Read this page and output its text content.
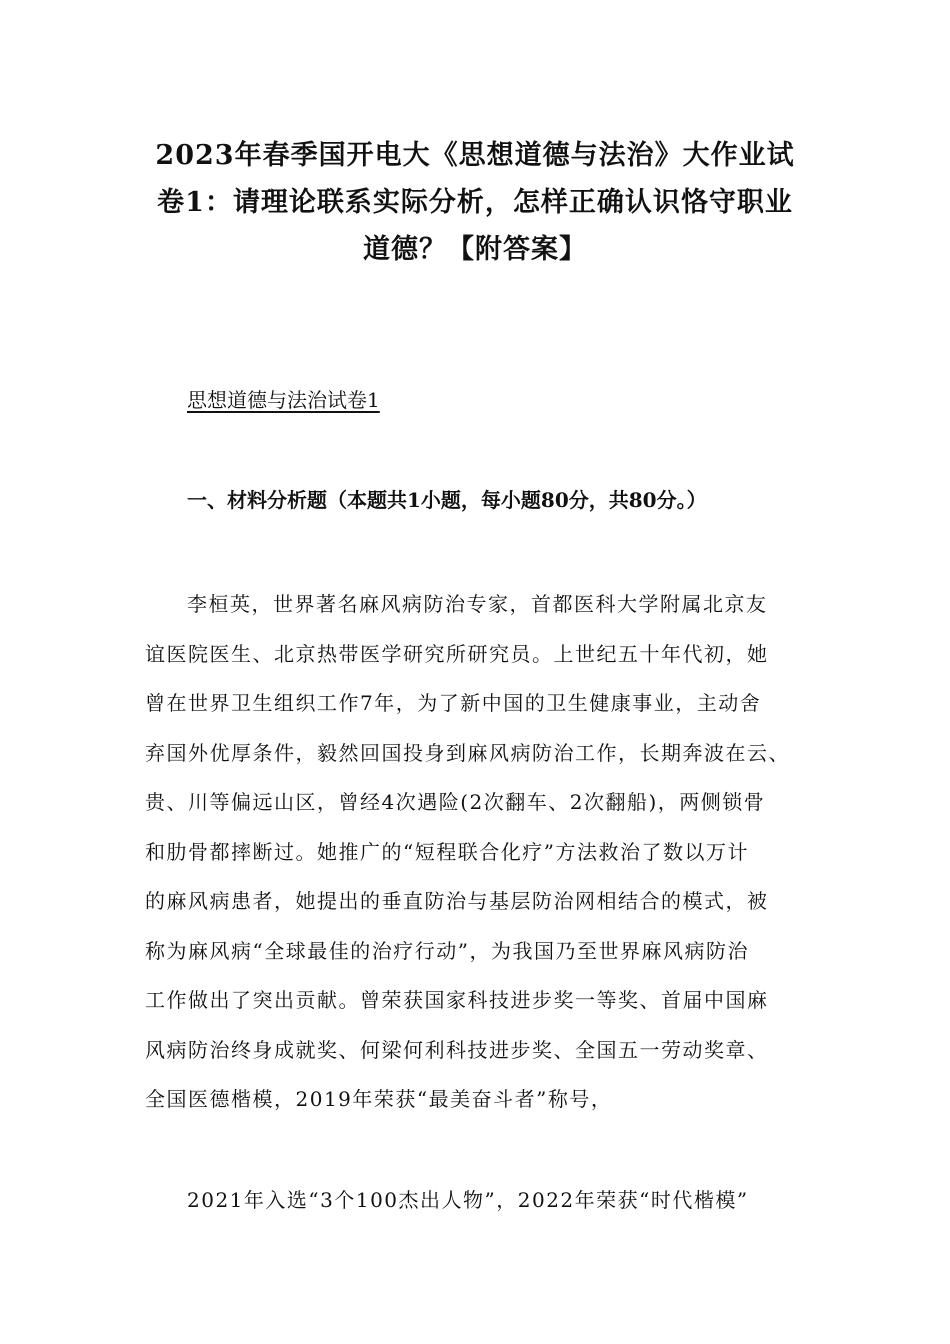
2023年春季国开电大《思想道德与法治》大作业试
卷1：请理论联系实际分析，怎样正确认识恪守职业
道德？【附答案】
思想道德与法治试卷1
一、材料分析题（本题共1小题，每小题80分，共80分。）
李桓英，世界著名麻风病防治专家，首都医科大学附属北京友
谊医院医生、北京热带医学研究所研究员。上世纪五十年代初，她
曾在世界卫生组织工作7年，为了新中国的卫生健康事业，主动舍
弃国外优厚条件，毅然回国投身到麻风病防治工作，长期奔波在云、
贵、川等偏远山区，曾经4次遇险(2次翻车、2次翻船)，两侧锁骨
和肋骨都摔断过。她推广的“短程联合化疗”方法救治了数以万计
的麻风病患者，她提出的垂直防治与基层防治网相结合的模式，被
称为麻风病“全球最佳的治疗行动”，为我国乃至世界麻风病防治
工作做出了突出贡献。曾荣获国家科技进步奖一等奖、首届中国麻
风病防治终身成就奖、何梁何利科技进步奖、全国五一劳动奖章、
全国医德楷模，2019年荣获“最美奋斗者”称号，
2021年入选“3个100杰出人物”，2022年荣获“时代楷模”
